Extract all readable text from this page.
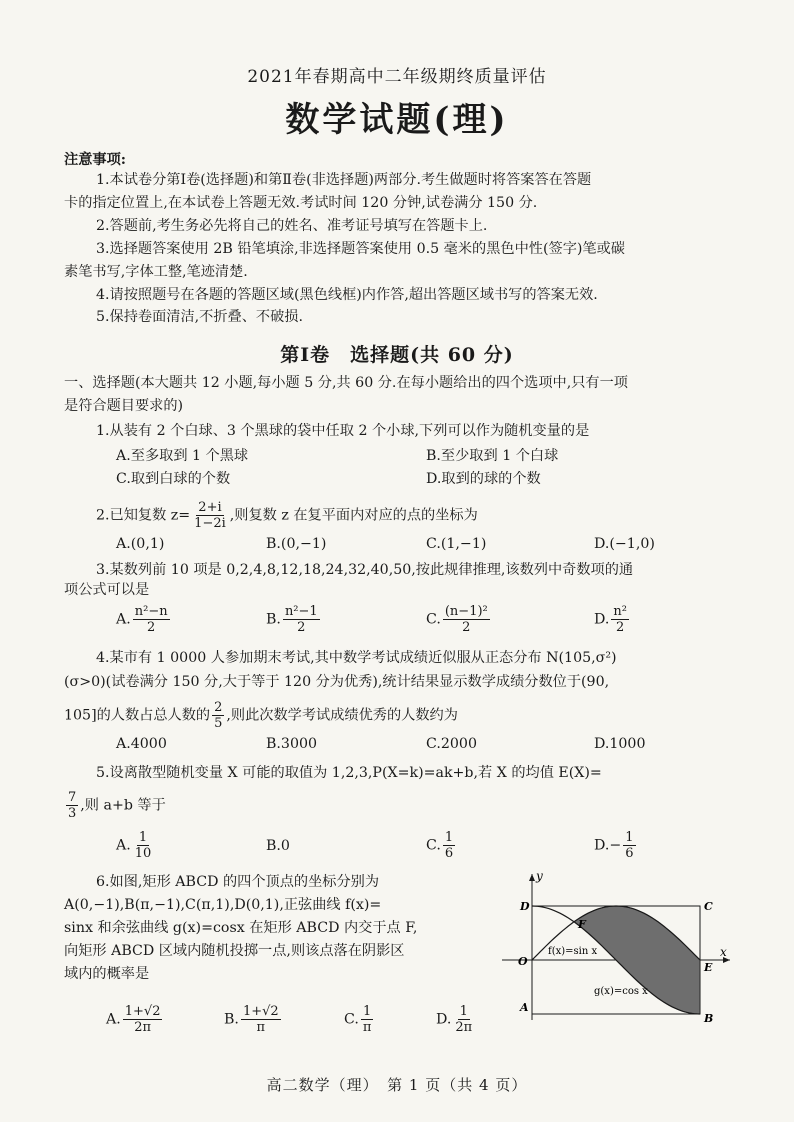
2021年春期高中二年级期终质量评估
数学试题(理)
注意事项:
1.本试卷分第Ⅰ卷(选择题)和第Ⅱ卷(非选择题)两部分.考生做题时将答案答在答题
卡的指定位置上,在本试卷上答题无效.考试时间 120 分钟,试卷满分 150 分.
2.答题前,考生务必先将自己的姓名、准考证号填写在答题卡上.
3.选择题答案使用 2B 铅笔填涂,非选择题答案使用 0.5 毫米的黑色中性(签字)笔或碳
素笔书写,字体工整,笔迹清楚.
4.请按照题号在各题的答题区域(黑色线框)内作答,超出答题区域书写的答案无效.
5.保持卷面清洁,不折叠、不破损.
第Ⅰ卷　选择题(共 60 分)
一、选择题(本大题共 12 小题,每小题 5 分,共 60 分.在每小题给出的四个选项中,只有一项
是符合题目要求的)
1.从装有 2 个白球、3 个黑球的袋中任取 2 个小球,下列可以作为随机变量的是
A.至多取到 1 个黑球	B.至少取到 1 个白球
C.取到白球的个数	D.取到的球的个数
2.已知复数 $z= \frac{2+i}{1-2i}$ ,则复数 z 在复平面内对应的点的坐标为
A.(0,1)	B.(0,−1)	C.(1,−1)	D.(−1,0)
3.某数列前 10 项是 0,2,4,8,12,18,24,32,40,50,按此规律推理,该数列中奇数项的通
项公式可以是
A. $\frac{\text{n²−n}}{2}$	B. $\frac{\text{n²−1}}{2}$	C. $\frac{\text{(n−1)²}}{2}$	D. $\frac{\text{n²}}{2}$
4.某市有 1 0000 人参加期末考试,其中数学考试成绩近似服从正态分布 N(105,σ²)
(σ>0)(试卷满分 150 分,大于等于 120 分为优秀),统计结果显示数学成绩分数位于(90,
105]的人数占总人数的 $\frac{2}{5}$ ,则此次数学考试成绩优秀的人数约为
A.4000	B.3000	C.2000	D.1000
5.设离散型随机变量 X 可能的取值为 1,2,3,P(X=k)=ak+b,若 X 的均值 E(X)=
$\frac{7}{3}$ ,则 a+b 等于
A. $\frac{1}{10}$	B.0	C. $\frac{1}{6}$	$D.- \frac{1}{6}$
6.如图,矩形 ABCD 的四个顶点的坐标分别为
A(0,−1),B(π,−1),C(π,1),D(0,1),正弦曲线 f(x)=
sinx 和余弦曲线 g(x)=cosx 在矩形 ABCD 内交于点 F,
向矩形 ABCD 区域内随机投掷一点,则该点落在阴影区
域内的概率是
A. $\frac{1+√2}{2\pi}$	B. $\frac{1+√2}{\pi}$	C. $\frac{1}{\pi}$	D. $\frac{1}{2\pi}$
y
x
O
A
B
C
D
E
F
f(x)=sin x
g(x)=cos x
高二数学（理）　第 1 页（共 4 页）
